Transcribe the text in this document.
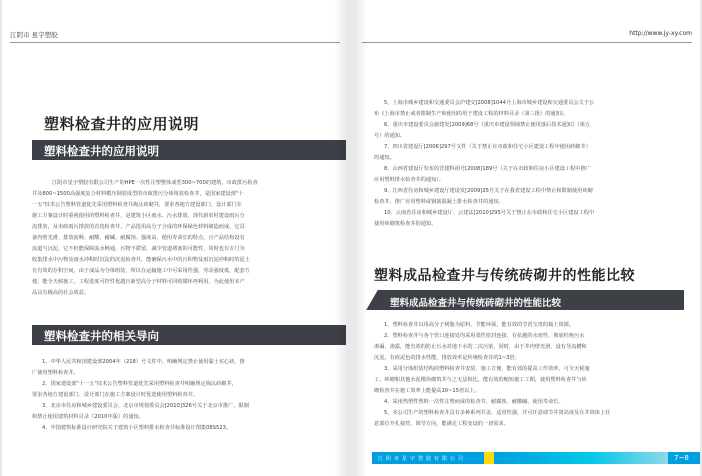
江阴市 星宇塑胶
塑料检查井的应用说明
塑料检查井的应用说明
江阴市星宇塑胶有限公司生产的HPE一次性注塑整体成型300~700的建筑、市政排污检查
井及800~1500高强度复合材料模压钢装成型的市政排污分体组装检查井，是国家建设部"十
一五"技术公告塑料管道优先采用塑料检查井淘汰砖砌井，要求各地方建设部门、设计部门在
施工方案设计时重视使用的塑料检查井，是建筑小区雨水、污水排放、现代新农村建设雨污分
流排放，及市政雨污排放的首选检查井，产品选用高分子合成的环保绿色材料制造而成，它具
备内壁光滑、排放流畅、耐酸、耐碱、耐腐蚀、强度高、使用寿命长的特点，且产品结构设有
流道与沉泥，它不但能保障流水畅通，污物不滞留，减少管道堵塞的可能性，同时也有专门为
收集排水中污物及雨水冲积时沉淀的沉泥检查井，能确保污水中的污积物及雨沉淀冲积时的泥土
有有效的存积空间，由于成品为分体组装，所以在运输施工中可采用性强，劳动强度低，配套方
便，能全天候施工，工程进度可控性优越且新型高分子材料可回收循环再利用，为此使用本产
品具有极高的社会效益。
塑料检查井的相关导向
1、中华人民共和国建设部2004年（218）号文件中，明确规定禁止使用黏土实心砖，推
广使用塑料检查井。
2、国家建设部"十一五"技术公告塑料管道优先采用塑料检查井明确规定淘汰砖砌井，
要求各地方建设部门、设计部门在施工方案设计时优选使用塑料检查井。
3、北京市住房和城乡建设委员会、北京市规划委员会[2010]326号关于北京市推广、限制
和禁止使用建筑材料目录（2010年版）的通知。
4、中国建筑标准设计研究院关于建筑小区塑料排水检查井标准设计图集08S523。
http://www.jy-xy.com
5、上海市城乡建设和交通委员会沪建交[2008]1044号上海市城乡建设和交通委员会关于公
布《上海市禁止或者限制生产和使用的用于建设工程的材料目录（第三批）的通知》。
6、重庆市建设委员会渝建发[2009]68号《重庆市建设领域禁止使用落后技术通知》（第五
号）的通知。
7、四川省建设厅[2006]297号文件（关于禁止在市政和住宅小区建设工程中使用砖砌井）
的通知。
8、山西省建设厅发布的晋建科函号[2008]189号（关于在市政和住房小区建设工程中推广
应用塑料排水检查井的通知）。
9、江西省住房和城乡建设厅建设发[2009]25号关于在我省建设工程中禁止和限制使用砖砌
检查井，推广应用塑料或钢筋混凝土排水检查井的通知。
10、云南省住房和城乡建设厅、云建法[2010]295号关于禁止在市政和住宅小区建设工程中
使用砖砌筑检查井的通知。
塑料成品检查井与传统砖砌井的性能比较
塑料成品检查井与传统砖砌井的性能比较
1、塑料检查井以用高分子树脂为原料，节能环保，能有效的节省宝贵的黏土资源。
2、塑料检查井与各个管口连接处均采用柔性密封连接，有抗越的水密性，彻底杜绝污水
渗漏、渗露，能有效的防止污水对地下水的二次污染，同时，由于井内壁光滑，设有导流槽和
沉泥，有嵌泥色的排水性能，排放效率是传统检查井的1~3倍。
3、采用分体组装结构的塑料检查井安装、施工方便，能有效的提高工作效率，可全天候施
工，砖砌和其他水泥模块砌筑井与之无法相比，能有效的缩短施工工期，使用塑料检查井与砖
砌检查井在施工效率上能提高10~15倍以上。
4、采用热塑性塑料一次性注塑而成的检查井，耐腐蚀、耐酸碱、使用寿命长。
5、本公司生产的塑料检查井具有多种系列井盖，适用性强，并可任意调节井筒高度及在井筒体上任
意部位开孔接管，调节方向，能满足工程变设的一切需求。
江阴市星宇塑胶有限公司	7~8
